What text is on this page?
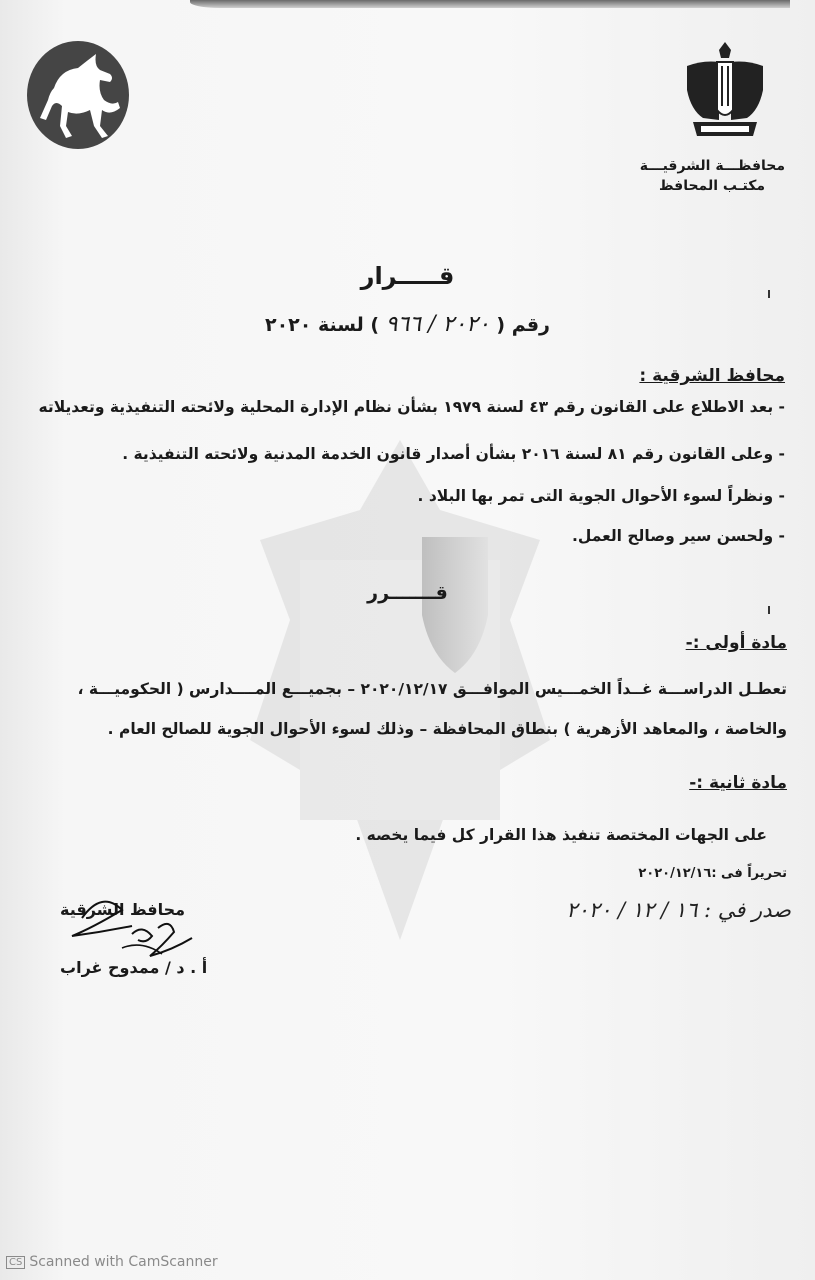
محافظـــة الشرقيـــة
مكتـب المحافظ
قـــــرار
رقم ( ٢٠٢٠ / ٩٦٦ ) لسنة ٢٠٢٠
محافظ الشرقية :
- بعد الاطلاع على القانون رقم ٤٣ لسنة ١٩٧٩ بشأن نظام الإدارة المحلية ولائحته التنفيذية وتعديلاته
- وعلى القانون رقم ٨١ لسنة ٢٠١٦ بشأن أصدار قانون الخدمة المدنية ولائحته التنفيذية .
- ونظراً لسوء الأحوال الجوية التى تمر بها البلاد .
- ولحسن سير وصالح العمل.
قـــــــرر
مادة أولى :-
تعطـل الدراســـة غــداً الخمـــيس الموافـــق ٢٠٢٠/١٢/١٧ – بجميـــع المــــدارس ( الحكوميـــة ،
والخاصة ، والمعاهد الأزهرية ) بنطاق المحافظة – وذلك لسوء الأحوال الجوية للصالح العام .
مادة ثانية :-
على الجهات المختصة تنفيذ هذا القرار كل فيما يخصه .
تحريراً فى :٢٠٢٠/١٢/١٦
صدر في : ١٦ / ١٢ / ٢٠٢٠
محافظ الشرقية
أ . د / ممدوح غراب
CS Scanned with CamScanner
